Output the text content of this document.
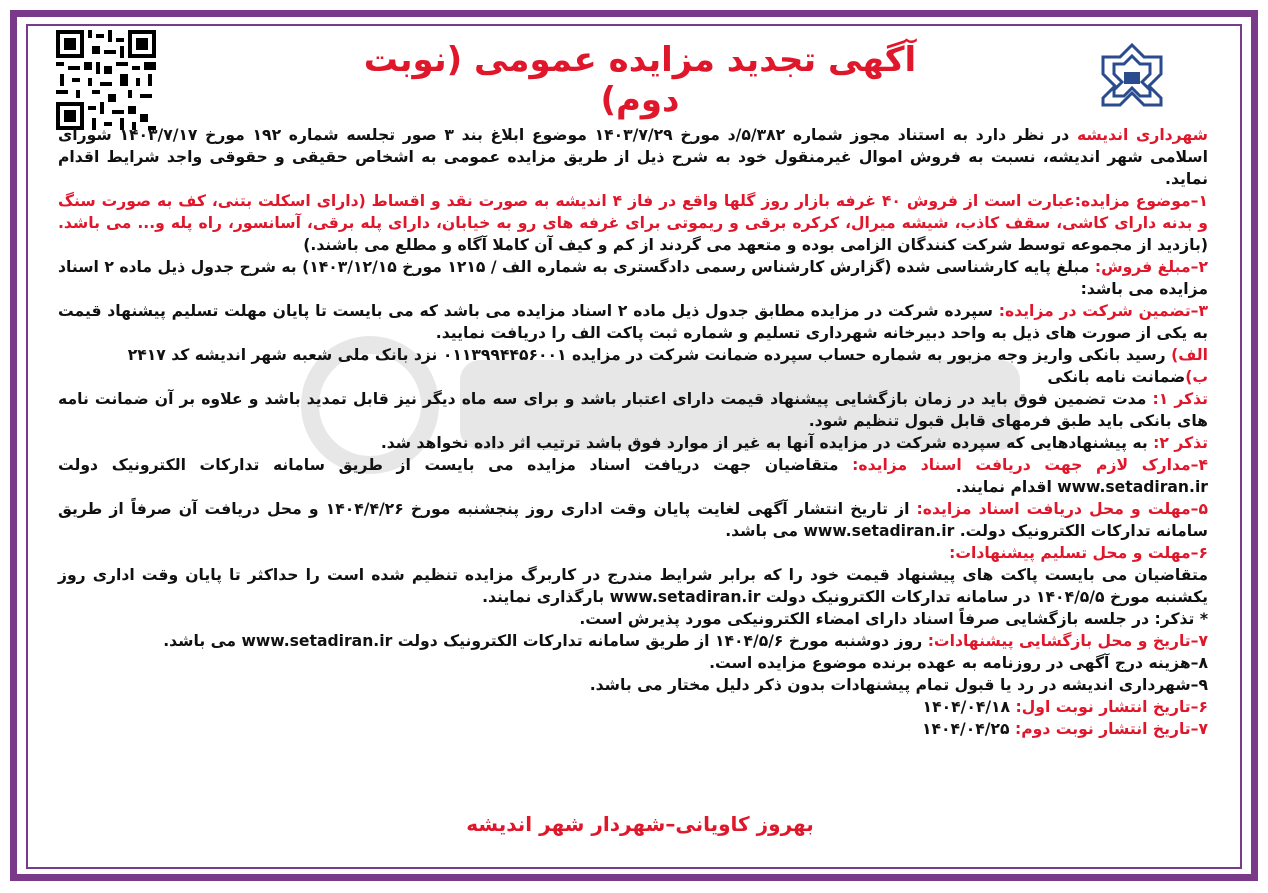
آگهی تجدید مزایده عمومی (نوبت دوم)

شهرداری اندیشه در نظر دارد به استناد مجوز شماره ۵/۳۸۲/د مورخ ۱۴۰۳/۷/۲۹ موضوع ابلاغ بند ۳ صور تجلسه شماره ۱۹۲ مورخ ۱۴۰۳/۷/۱۷ شورای اسلامی شهر اندیشه، نسبت به فروش اموال غیرمنقول خود به شرح ذیل از طریق مزایده عمومی به اشخاص حقیقی و حقوقی واجد شرایط اقدام نماید.

۱–موضوع مزایده:عبارت است از فروش ۴۰ غرفه بازار روز گلها واقع در فاز ۴ اندیشه به صورت نقد و اقساط (دارای اسکلت بتنی، کف به صورت سنگ و بدنه دارای کاشی، سقف کاذب، شیشه میرال، کرکره برقی و ریموتی برای غرفه های رو به خیابان، دارای پله برقی، آسانسور، راه پله و... می باشد. (بازدید از مجموعه توسط شرکت کنندگان الزامی بوده و متعهد می گردند از کم و کیف آن کاملا آگاه و مطلع می باشند.)

۲–مبلغ فروش: مبلغ پایه کارشناسی شده (گزارش کارشناس رسمی دادگستری به شماره الف / ۱۲۱۵ مورخ ۱۴۰۳/۱۲/۱۵) به شرح جدول ذیل ماده ۲ اسناد مزایده می باشد:

۳–تضمین شرکت در مزایده: سپرده شرکت در مزایده مطابق جدول ذیل ماده ۲ اسناد مزایده می باشد که می بایست تا پایان مهلت تسلیم پیشنهاد قیمت به یکی از صورت های ذیل به واحد دبیرخانه شهرداری تسلیم و شماره ثبت پاکت الف را دریافت نمایید.

الف) رسید بانکی واریز وجه مزبور به شماره حساب سپرده ضمانت شرکت در مزایده ۰۱۱۳۹۹۴۴۵۶۰۰۱ نزد بانک ملی شعبه شهر اندیشه کد ۲۴۱۷

ب)ضمانت نامه بانکی

تذکر ۱: مدت تضمین فوق باید در زمان بازگشایی پیشنهاد قیمت دارای اعتبار باشد و برای سه ماه دیگر نیز قابل تمدید باشد و علاوه بر آن ضمانت نامه های بانکی باید طبق فرمهای قابل قبول تنظیم شود.

تذکر ۲: به پیشنهادهایی که سپرده شرکت در مزایده آنها به غیر از موارد فوق باشد ترتیب اثر داده نخواهد شد.

۴–مدارک لازم جهت دریافت اسناد مزایده: متقاضیان جهت دریافت اسناد مزایده می بایست از طریق سامانه تدارکات الکترونیک دولت www.setadiran.ir اقدام نمایند.

۵–مهلت و محل دریافت اسناد مزایده: از تاریخ انتشار آگهی لغایت پایان وقت اداری روز پنجشنبه مورخ ۱۴۰۴/۴/۲۶ و محل دریافت آن صرفاً از طریق سامانه تدارکات الکترونیک دولت. www.setadiran.ir می باشد.

۶–مهلت و محل تسلیم پیشنهادات:

متقاضیان می بایست پاکت های پیشنهاد قیمت خود را که برابر شرایط مندرج در کاربرگ مزایده تنظیم شده است را حداکثر تا پایان وقت اداری روز یکشنبه مورخ ۱۴۰۴/۵/۵ در سامانه تدارکات الکترونیک دولت www.setadiran.ir بارگذاری نمایند.

* تذکر: در جلسه بازگشایی صرفاً اسناد دارای امضاء الکترونیکی مورد پذیرش است.

۷–تاریخ و محل بازگشایی پیشنهادات: روز دوشنبه مورخ ۱۴۰۴/۵/۶ از طریق سامانه تدارکات الکترونیک دولت www.setadiran.ir می باشد.

۸–هزینه درج آگهی در روزنامه به عهده برنده موضوع مزایده است.

۹–شهرداری اندیشه در رد یا قبول تمام پیشنهادات بدون ذکر دلیل مختار می باشد.

۶–تاریخ انتشار نوبت اول: ۱۴۰۴/۰۴/۱۸

۷–تاریخ انتشار نوبت دوم: ۱۴۰۴/۰۴/۲۵

بهروز کاویانی–شهردار شهر اندیشه
